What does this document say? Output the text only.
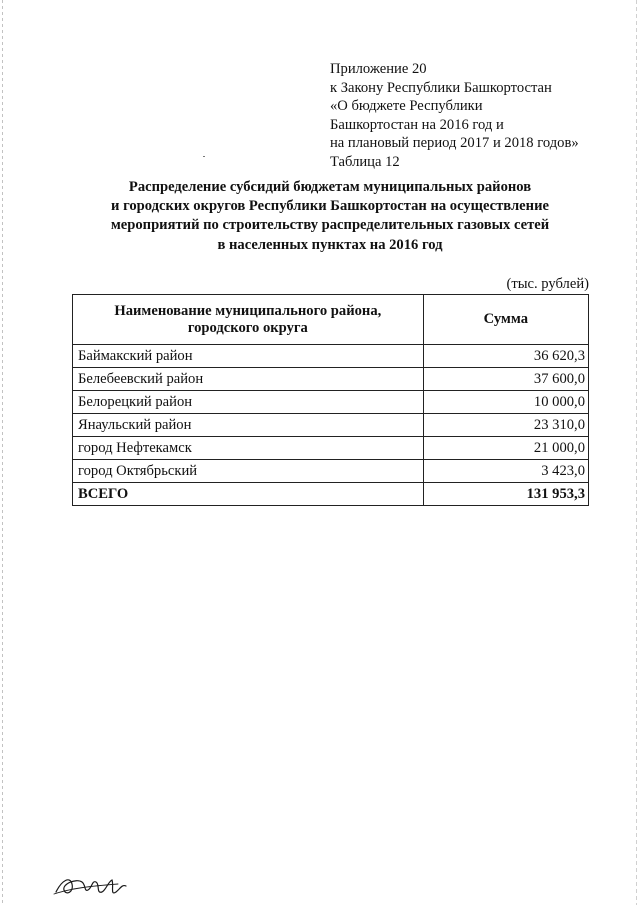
Приложение 20
к Закону Республики Башкортостан
«О бюджете Республики
Башкортостан на 2016 год и
на плановый период 2017 и 2018 годов»
Таблица 12
Распределение субсидий бюджетам муниципальных районов
и городских округов Республики Башкортостан на осуществление
мероприятий по строительству распределительных газовых сетей
в населенных пунктах на 2016 год
(тыс. рублей)
Наименование муниципального района,
городского округа	Сумма
Баймакский район	36 620,3
Белебеевский район	37 600,0
Белорецкий район	10 000,0
Янаульский район	23 310,0
город Нефтекамск	21 000,0
город Октябрьский	3 423,0
ВСЕГО	131 953,3
